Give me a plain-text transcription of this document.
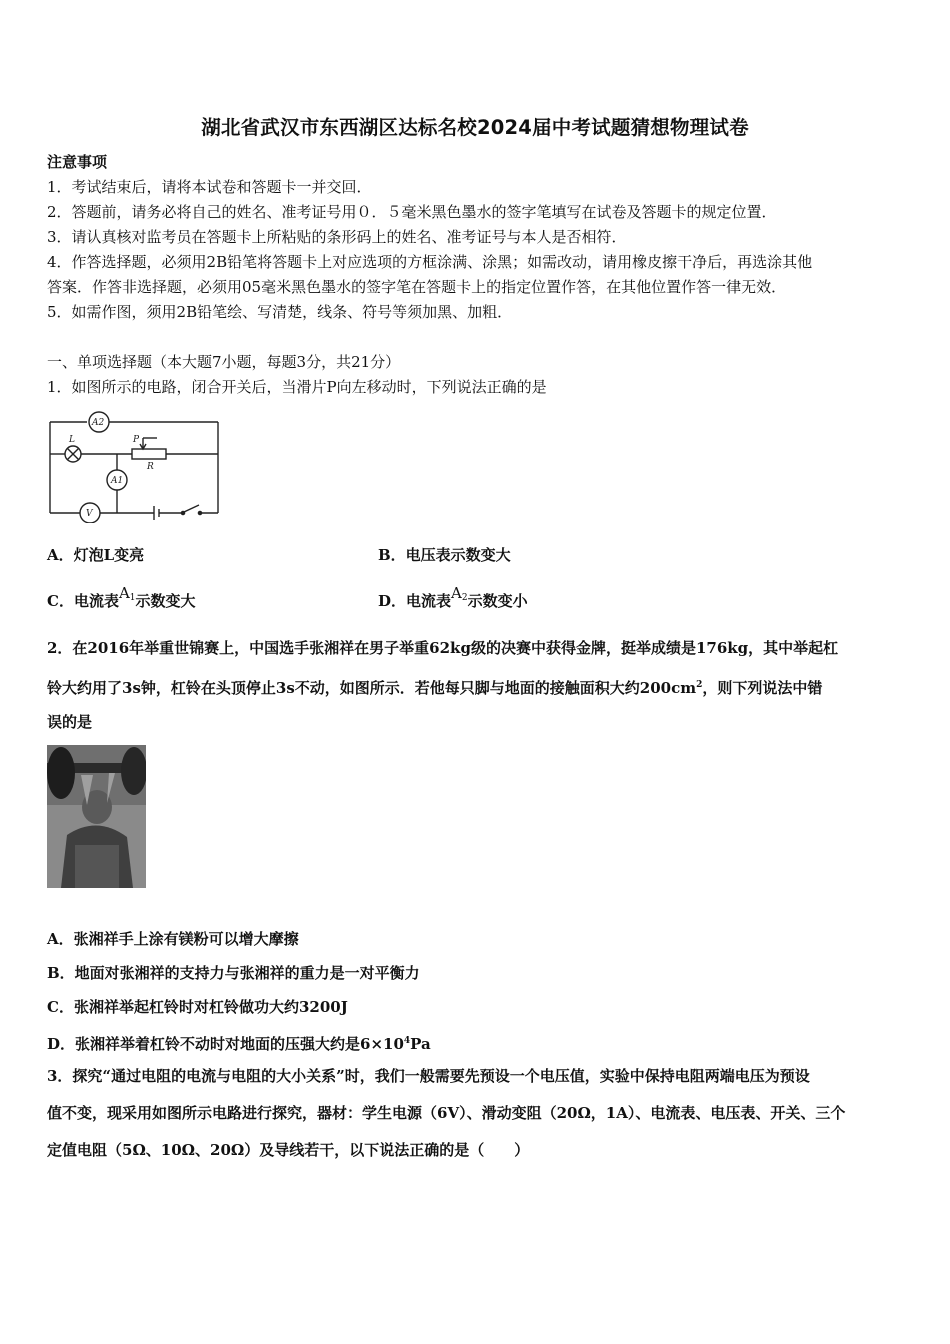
湖北省武汉市东西湖区达标名校2024届中考试题猜想物理试卷
注意事项
1．考试结束后，请将本试卷和答题卡一并交回．
2．答题前，请务必将自己的姓名、准考证号用０．５毫米黑色墨水的签字笔填写在试卷及答题卡的规定位置．
3．请认真核对监考员在答题卡上所粘贴的条形码上的姓名、准考证号与本人是否相符．
4．作答选择题，必须用2B铅笔将答题卡上对应选项的方框涂满、涂黑；如需改动，请用橡皮擦干净后，再选涂其他
答案．作答非选择题，必须用05毫米黑色墨水的签字笔在答题卡上的指定位置作答，在其他位置作答一律无效．
5．如需作图，须用2B铅笔绘、写清楚，线条、符号等须加黑、加粗．
一、单项选择题（本大题7小题，每题3分，共21分）
1．如图所示的电路，闭合开关后，当滑片P向左移动时，下列说法正确的是
A2
L	P
R
A1
V
A．灯泡L变亮	B．电压表示数变大
C．电流表A1示数变大	D．电流表A2示数变小
2．在2016年举重世锦赛上，中国选手张湘祥在男子举重62kg级的决赛中获得金牌，挺举成绩是176kg，其中举起杠
铃大约用了3s钟，杠铃在头顶停止3s不动，如图所示．若他每只脚与地面的接触面积大约$200cm^2$，则下列说法中错
误的是
A．张湘祥手上涂有镁粉可以增大摩擦
B．地面对张湘祥的支持力与张湘祥的重力是一对平衡力
C．张湘祥举起杠铃时对杠铃做功大约3200J
D．张湘祥举着杠铃不动时对地面的压强大约是$6\times 10^4Pa$
3．探究“通过电阻的电流与电阻的大小关系”时，我们一般需要先预设一个电压值，实验中保持电阻两端电压为预设
值不变，现采用如图所示电路进行探究，器材：学生电源（6V）、滑动变阻（20Ω，1A）、电流表、电压表、开关、三个
定值电阻（5Ω、10Ω、20Ω）及导线若干，以下说法正确的是（　　）
